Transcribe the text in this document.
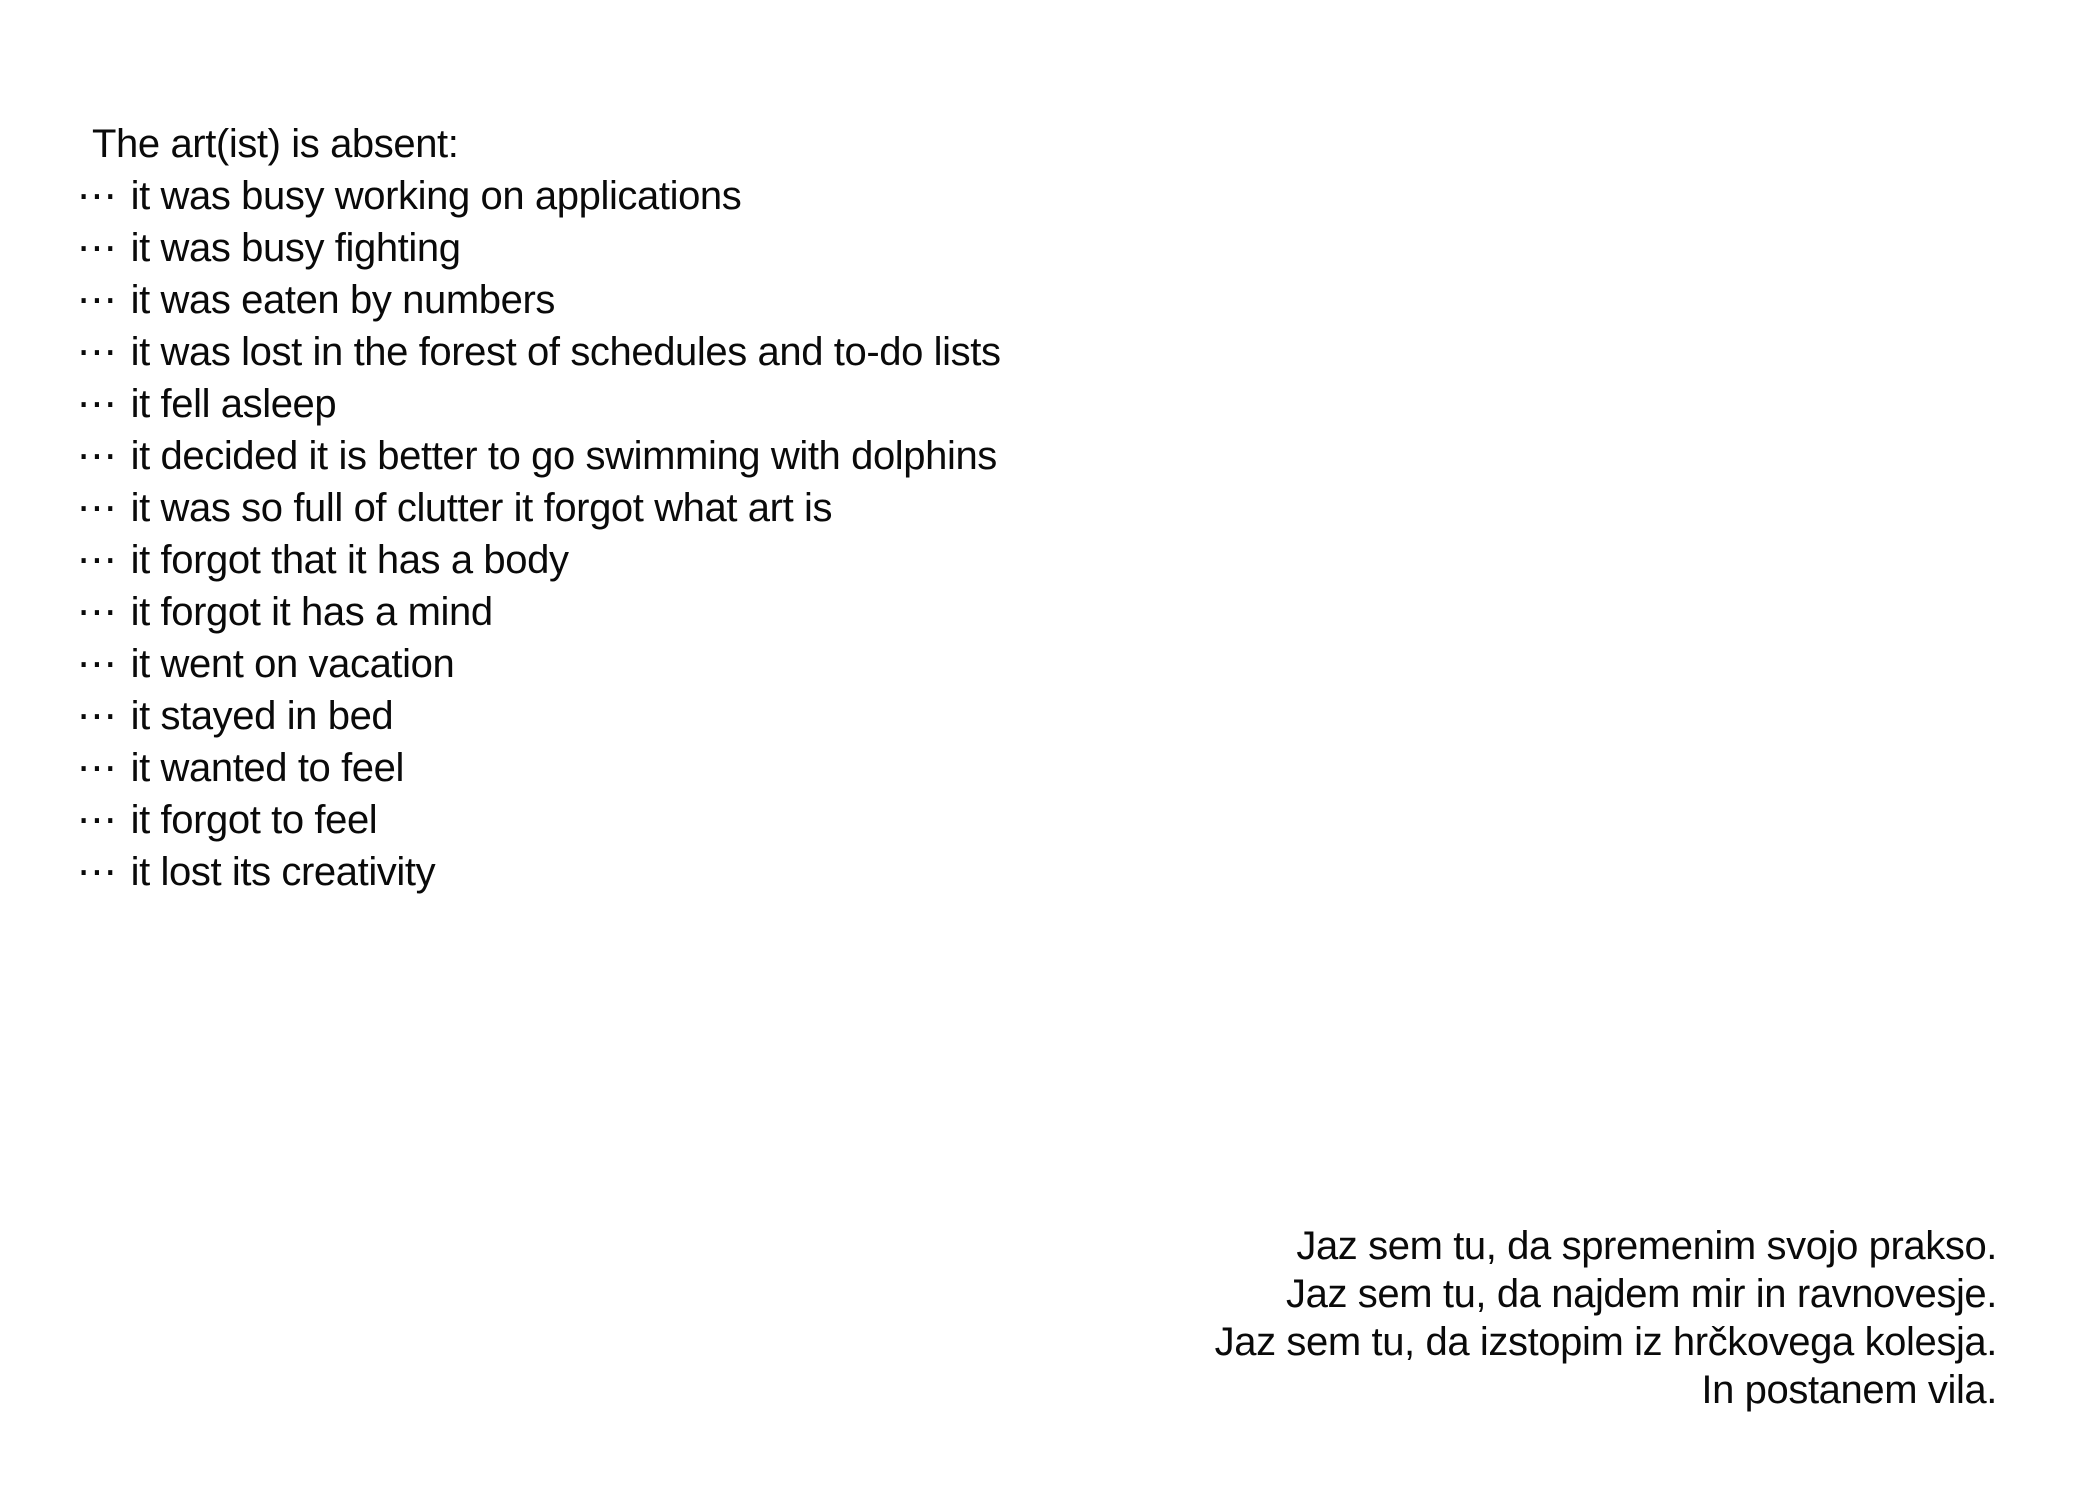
The art(ist) is absent:
⋯ it was busy working on applications
⋯ it was busy fighting
⋯ it was eaten by numbers
⋯ it was lost in the forest of schedules and to-do lists
⋯ it fell asleep
⋯ it decided it is better to go swimming with dolphins
⋯ it was so full of clutter it forgot what art is
⋯ it forgot that it has a body
⋯ it forgot it has a mind
⋯ it went on vacation
⋯ it stayed in bed
⋯ it wanted to feel
⋯ it forgot to feel
⋯ it lost its creativity
Jaz sem tu, da spremenim svojo prakso.
Jaz sem tu, da najdem mir in ravnovesje.
Jaz sem tu, da izstopim iz hrčkovega kolesja.
In postanem vila.
